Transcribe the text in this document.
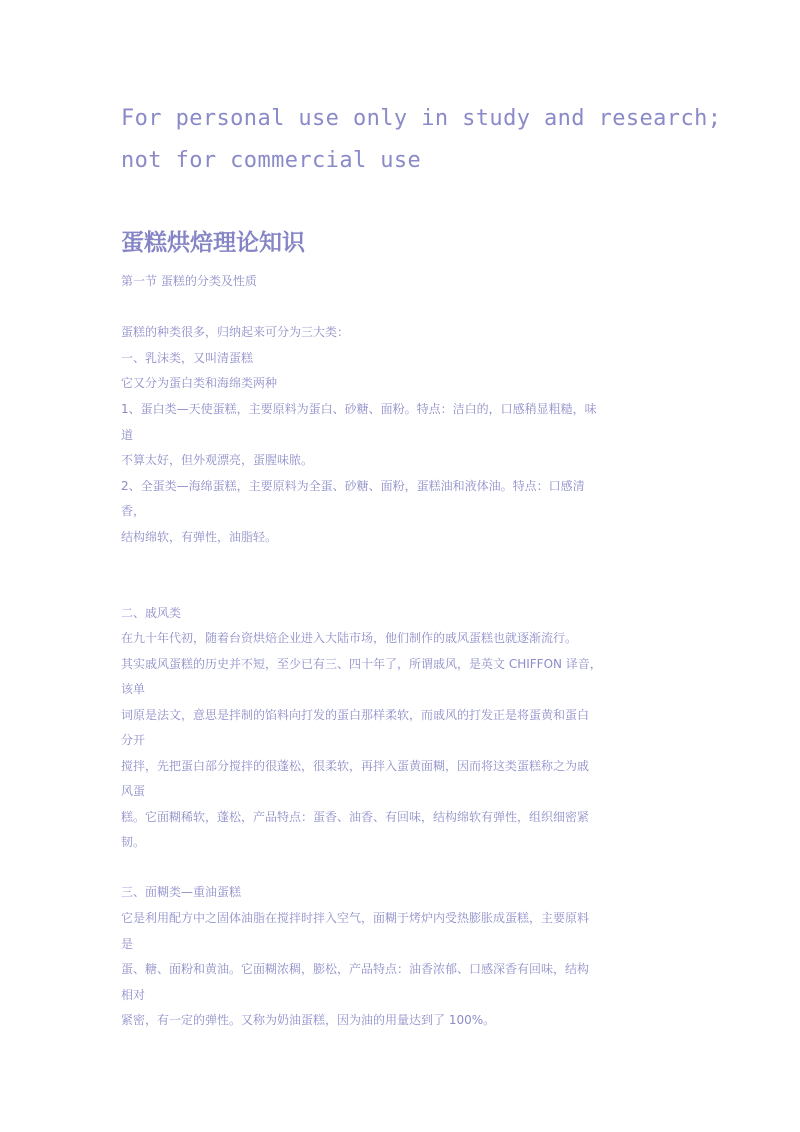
For personal use only in study and research;
not for commercial use
蛋糕烘焙理论知识
第一节 蛋糕的分类及性质
蛋糕的种类很多，归纳起来可分为三大类：
一、乳沫类，又叫清蛋糕
它又分为蛋白类和海绵类两种
1、蛋白类—天使蛋糕，主要原料为蛋白、砂糖、面粉。特点：洁白的，口感稍显粗糙，味
道
不算太好，但外观漂亮，蛋腥味脓。
2、全蛋类—海绵蛋糕，主要原料为全蛋、砂糖、面粉，蛋糕油和液体油。特点：口感清
香，
结构绵软，有弹性，油脂轻。
二、戚风类
在九十年代初，随着台资烘焙企业进入大陆市场，他们制作的戚风蛋糕也就逐渐流行。
其实戚风蛋糕的历史并不短，至少已有三、四十年了，所谓戚风，是英文 CHIFFON 译音，
该单
词原是法文，意思是拌制的馅料向打发的蛋白那样柔软，而戚风的打发正是将蛋黄和蛋白
分开
搅拌，先把蛋白部分搅拌的很蓬松，很柔软，再拌入蛋黄面糊，因而将这类蛋糕称之为戚
风蛋
糕。它面糊稀软，蓬松，产品特点：蛋香、油香、有回味，结构绵软有弹性，组织细密紧
韧。
三、面糊类—重油蛋糕
它是利用配方中之固体油脂在搅拌时拌入空气，面糊于烤炉内受热膨胀成蛋糕，主要原料
是
蛋、糖、面粉和黄油。它面糊浓稠，膨松，产品特点：油香浓郁、口感深香有回味，结构
相对
紧密，有一定的弹性。又称为奶油蛋糕，因为油的用量达到了 100%。
